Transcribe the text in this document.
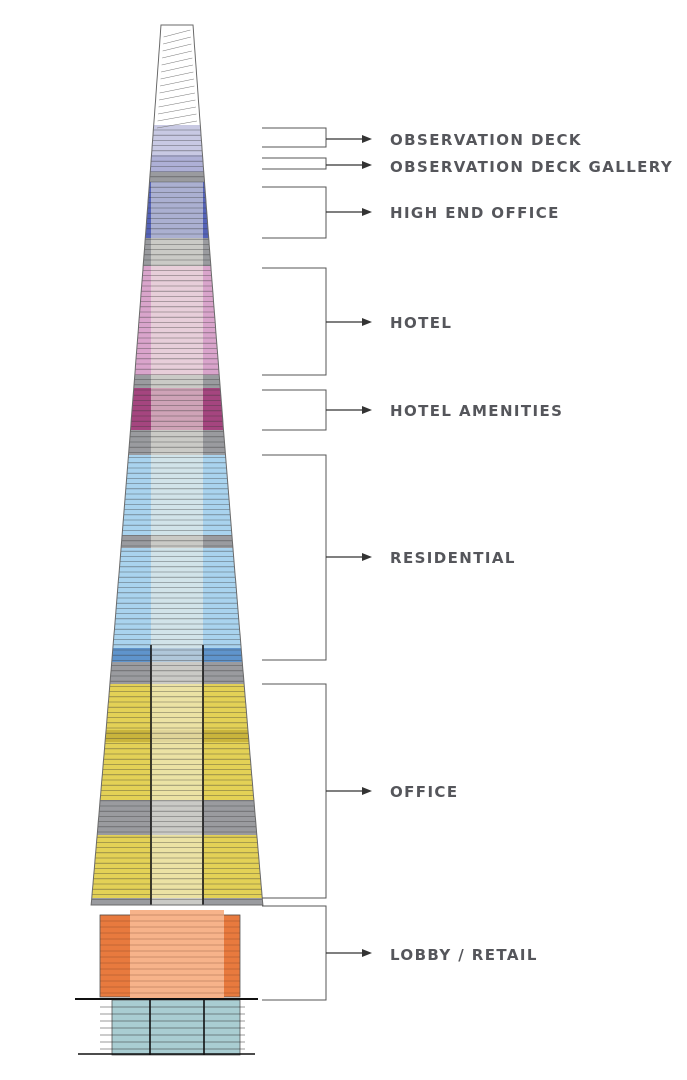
OBSERVATION DECK
OBSERVATION DECK GALLERY
HIGH END OFFICE
HOTEL
HOTEL AMENITIES
RESIDENTIAL
OFFICE
LOBBY / RETAIL
